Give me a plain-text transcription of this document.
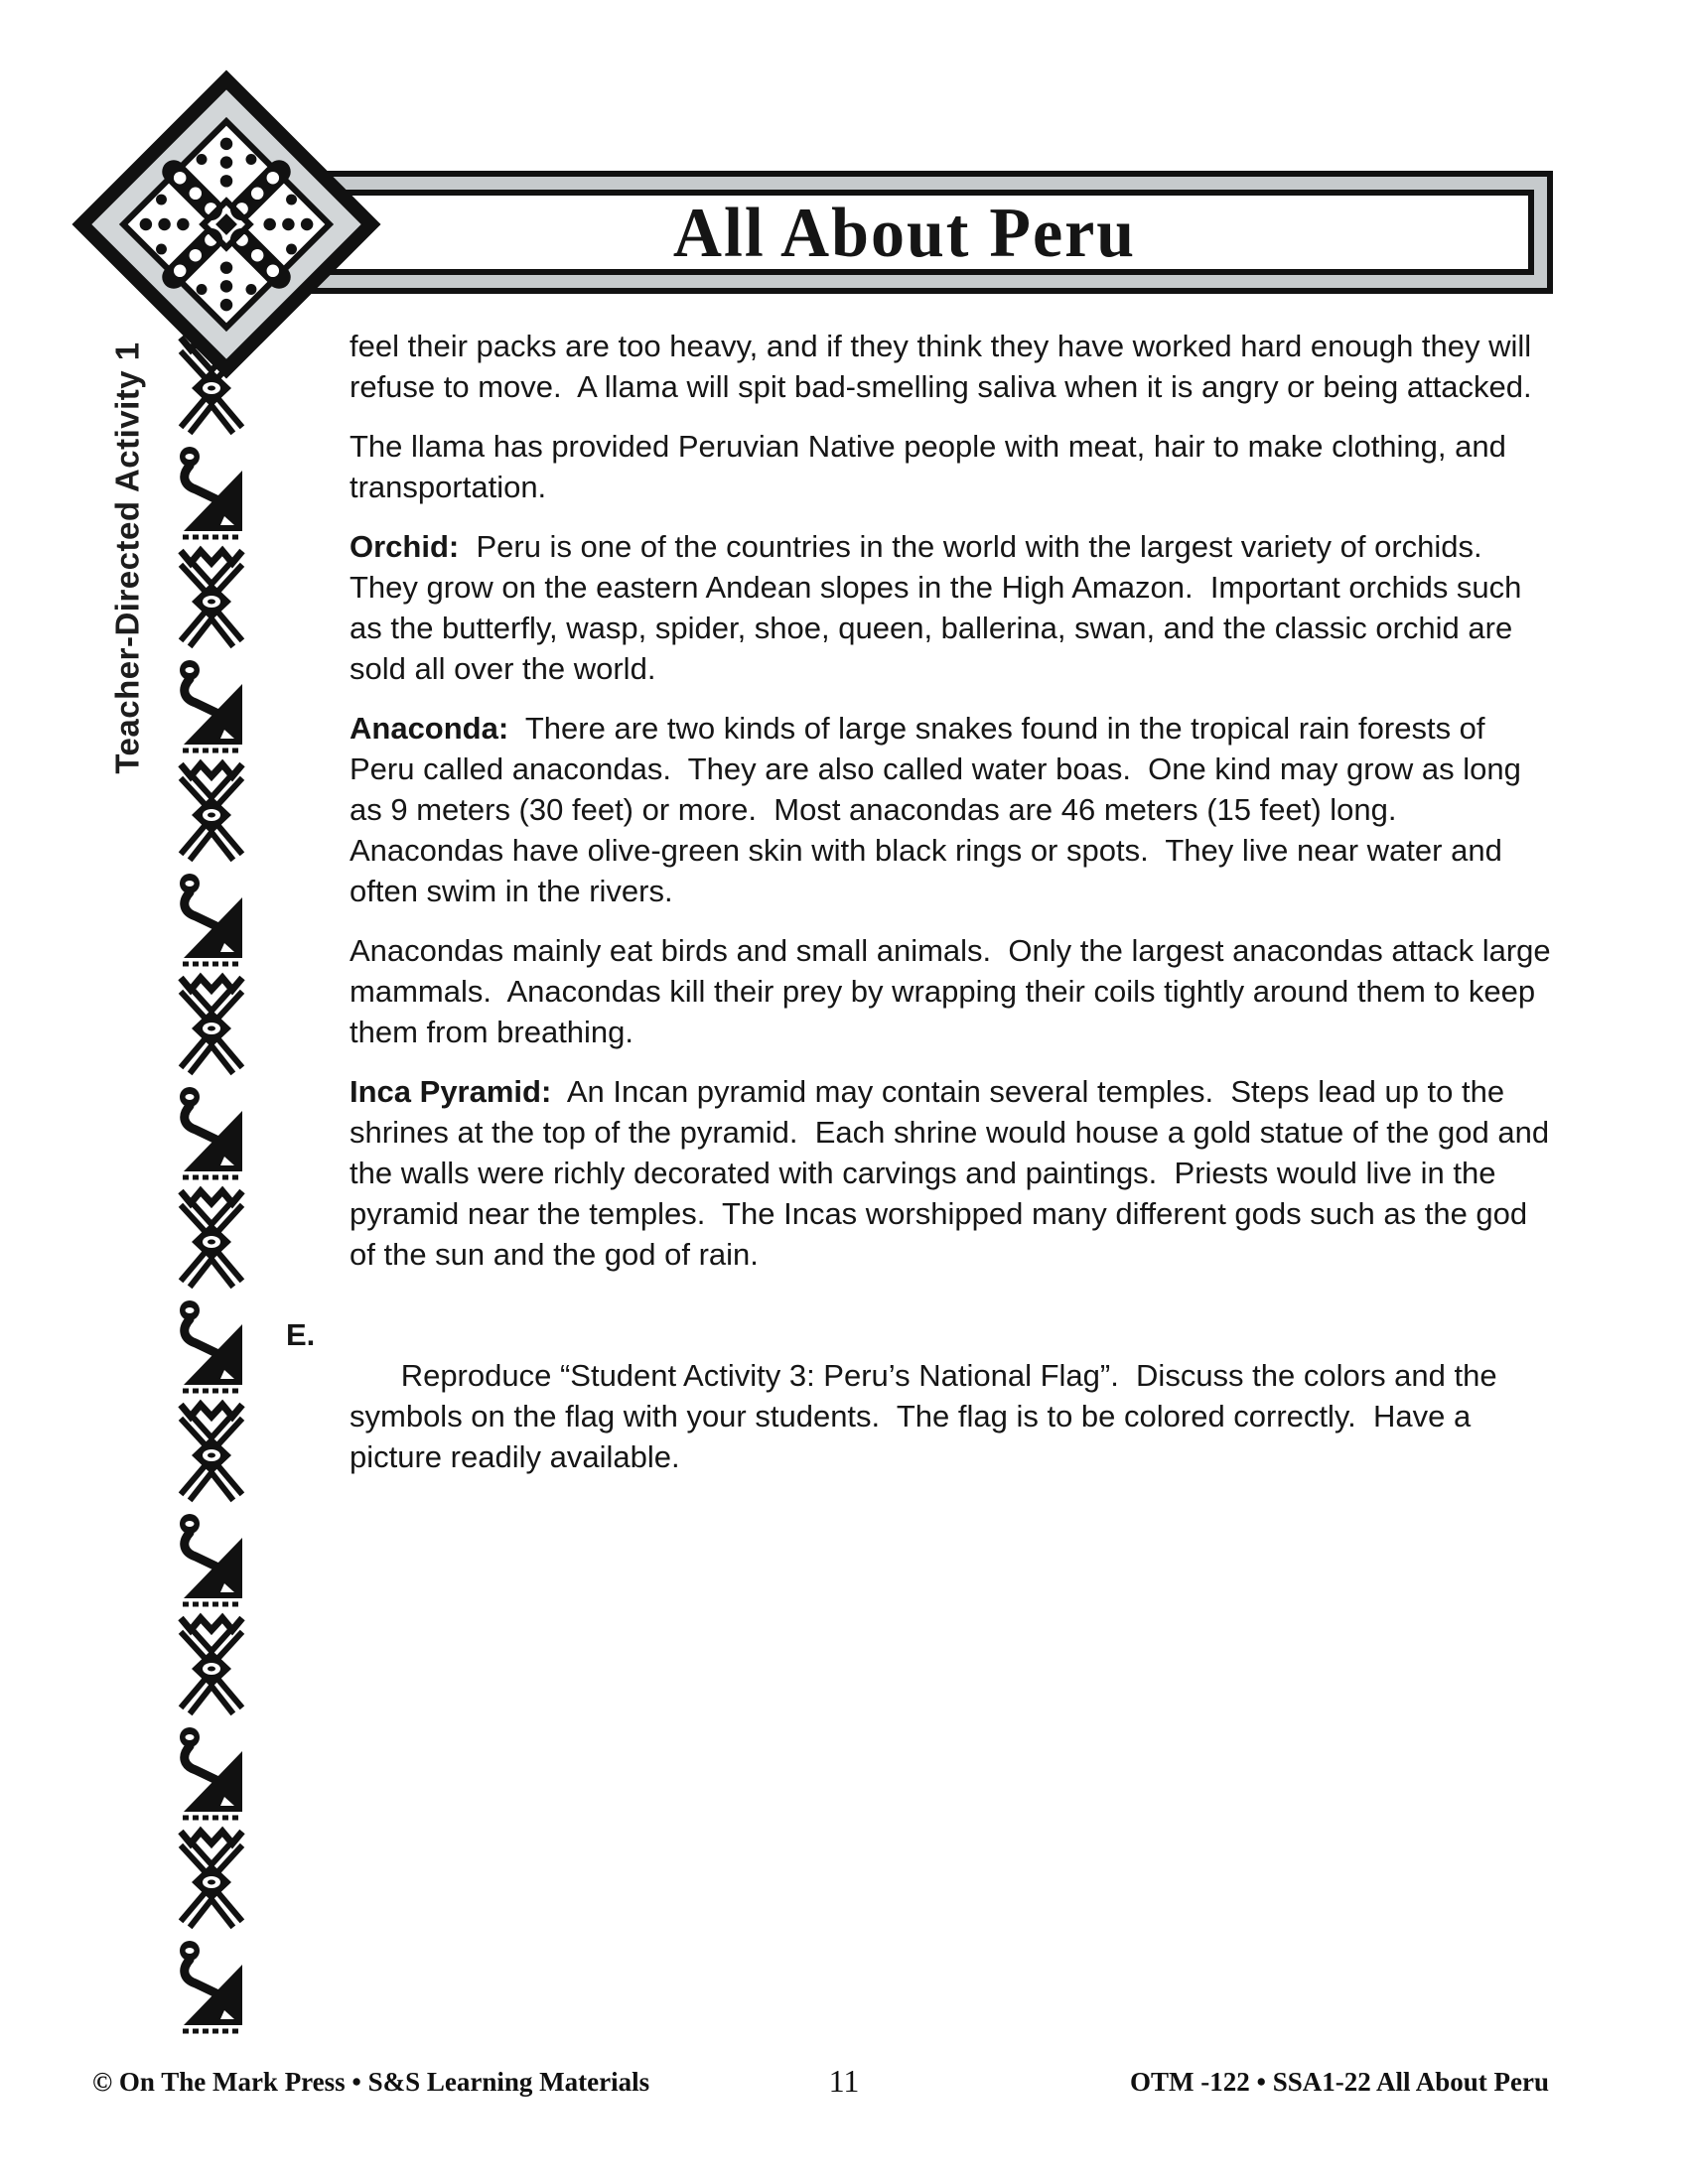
All About Peru
Teacher-Directed Activity 1	feel their packs are too heavy, and if they think they have worked hard enough they will refuse to move.  A llama will spit bad-smelling saliva when it is angry or being attacked.

The llama has provided Peruvian Native people with meat, hair to make clothing, and transportation.

Orchid:  Peru is one of the countries in the world with the largest variety of orchids.  They grow on the eastern Andean slopes in the High Amazon.  Important orchids such as the butterfly, wasp, spider, shoe, queen, ballerina, swan, and the classic orchid are sold all over the world.

Anaconda:  There are two kinds of large snakes found in the tropical rain forests of Peru called anacondas.  They are also called water boas.  One kind may grow as long as 9 meters (30 feet) or more.  Most anacondas are 46 meters (15 feet) long.  Anacondas have olive-green skin with black rings or spots.  They live near water and often swim in the rivers.

Anacondas mainly eat birds and small animals.  Only the largest anacondas attack large mammals.  Anacondas kill their prey by wrapping their coils tightly around them to keep them from breathing.

Inca Pyramid:  An Incan pyramid may contain several temples.  Steps lead up to the shrines at the top of the pyramid.  Each shrine would house a gold statue of the god and the walls were richly decorated with carvings and paintings.  Priests would live in the pyramid near the temples.  The Incas worshipped many different gods such as the god of the sun and the god of rain.

E.
Reproduce “Student Activity 3: Peru’s National Flag”.  Discuss the colors and the symbols on the flag with your students.  The flag is to be colored correctly.  Have a picture readily available.

© On The Mark Press • S&S Learning Materials	11	OTM -122 • SSA1-22 All About Peru
